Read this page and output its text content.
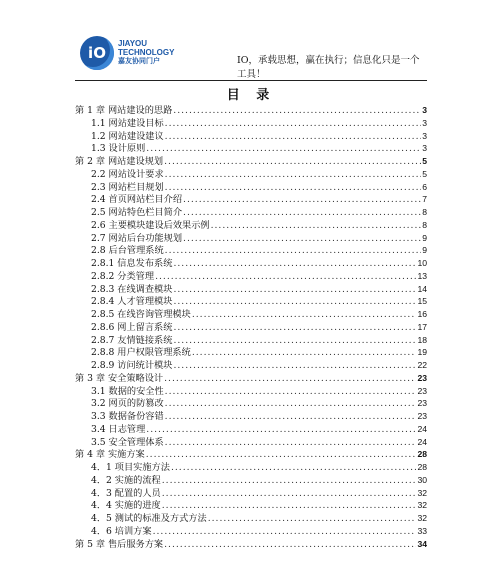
iO
JIAYOU
TECHNOLOGY
嘉友协同门户	IO，承载思想，赢在执行；信息化只是一个工具！
目 录
第 1 章 网站建设的思路 .....	3
1.1 网站建设目标 .....	3
1.2 网站建设建议 .....	3
1.3 设计原则 .....	3
第 2 章 网站建设规划 .....	5
2.2 网站设计要求 .....	5
2.3 网站栏目规划 .....	6
2.4 首页网站栏目介绍 .....	7
2.5 网站特色栏目简介 .....	8
2.6 主要模块建设后效果示例 .....	8
2.7 网站后台功能规划 .....	9
2.8 后台管理系统 .....	9
2.8.1 信息发布系统 .....	10
2.8.2 分类管理 .....	13
2.8.3 在线调查模块 .....	14
2.8.4 人才管理模块 .....	15
2.8.5 在线咨询管理模块 .....	16
2.8.6 网上留言系统 .....	17
2.8.7 友情链接系统 .....	18
2.8.8 用户权限管理系统 .....	19
2.8.9 访问统计模块 .....	22
第 3 章 安全策略设计 .....	23
3.1 数据的安全性 .....	23
3.2 网页的防篡改 .....	23
3.3 数据备份容错 .....	23
3.4 日志管理 .....	24
3.5 安全管理体系 .....	24
第 4 章 实施方案 .....	28
4．1 项目实施方法 .....	28
4．2 实施的流程 .....	30
4．3 配置的人员 .....	32
4．4 实施的进度 .....	32
4．5 测试的标准及方式方法 .....	32
4．6 培训方案 .....	33
第 5 章 售后服务方案 .....	34
